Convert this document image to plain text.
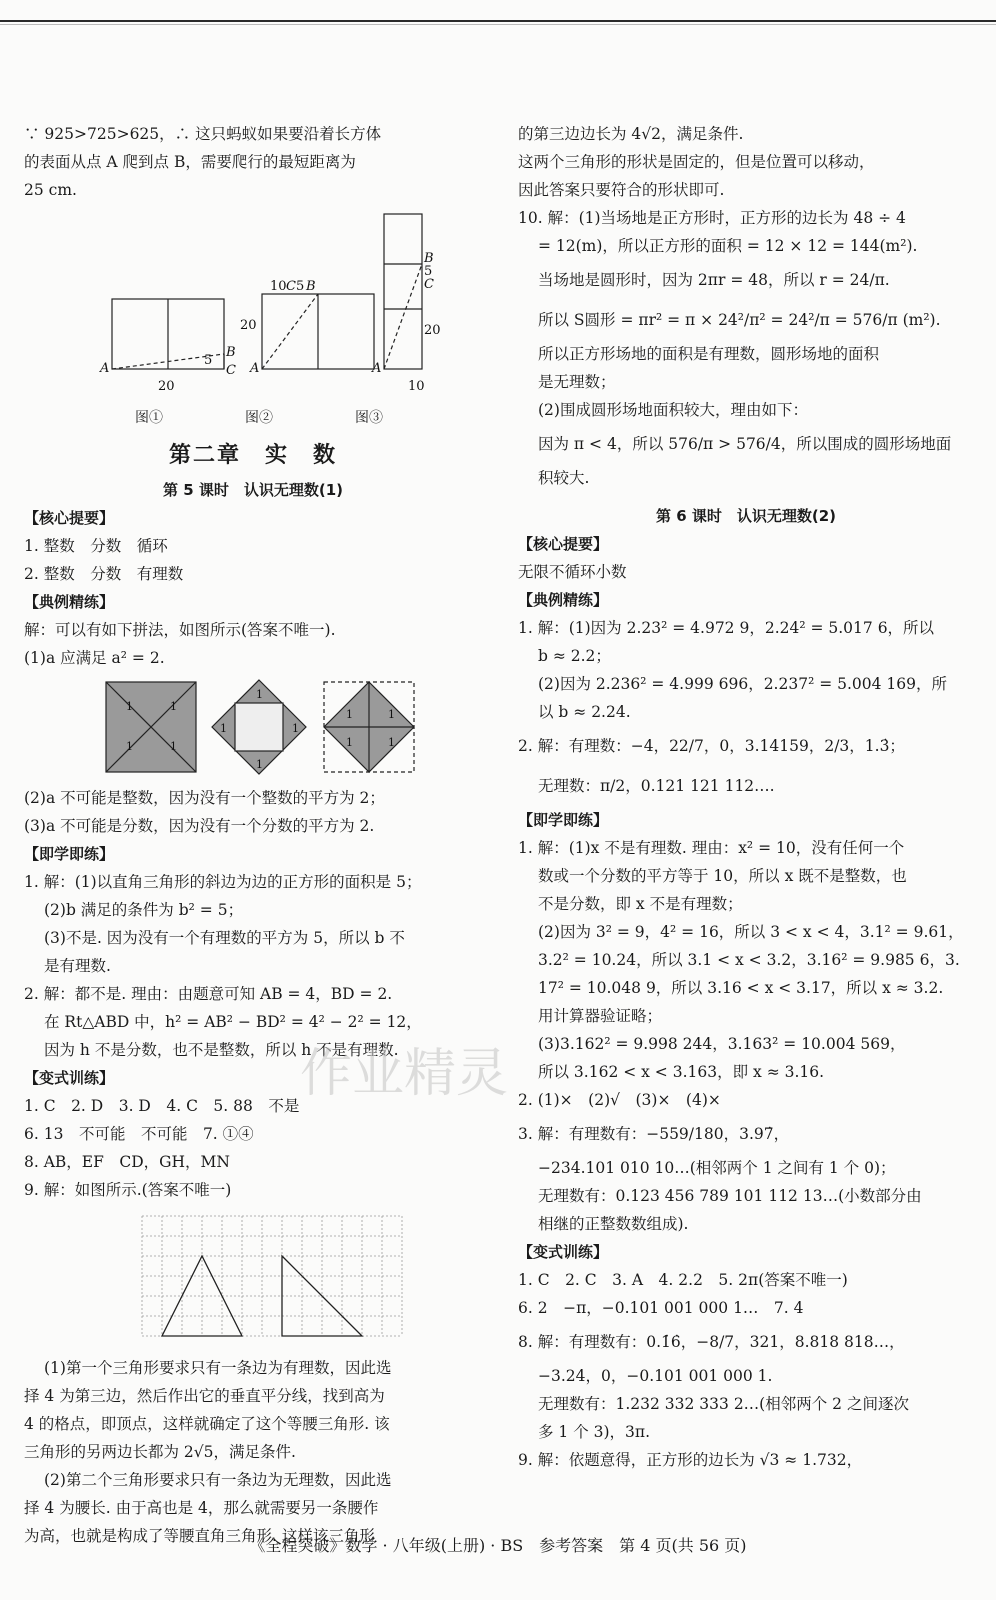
∵ 925>725>625，∴ 这只蚂蚁如果要沿着长方体

的表面从点 A 爬到点 B，需要爬行的最短距离为

25 cm.

A
20
5
B
C
10 C 5 B
20
A
10
B
5
C
20
A
图①	图②	图③
第二章　实　数
第 5 课时　认识无理数(1)

【核心提要】

1. 整数　分数　循环

2. 整数　分数　有理数

【典例精练】

解：可以有如下拼法，如图所示(答案不唯一).

(1)a 应满足 a² = 2.

1	1
1	1
1
1
1	1
1	1
1	1

(2)a 不可能是整数，因为没有一个整数的平方为 2；

(3)a 不可能是分数，因为没有一个分数的平方为 2.

【即学即练】

1. 解：(1)以直角三角形的斜边为边的正方形的面积是 5；

(2)b 满足的条件为 b² = 5；

(3)不是. 因为没有一个有理数的平方为 5，所以 b 不

是有理数.

2. 解：都不是. 理由：由题意可知 AB = 4，BD = 2.

在 Rt△ABD 中，h² = AB² − BD² = 4² − 2² = 12，

因为 h 不是分数，也不是整数，所以 h 不是有理数.

【变式训练】

1. C　2. D　3. D　4. C　5. 88　不是

6. 13　不可能　不可能　7. ①④

8. AB，EF　CD，GH，MN

9. 解：如图所示.(答案不唯一)

(1)第一个三角形要求只有一条边为有理数，因此选

择 4 为第三边，然后作出它的垂直平分线，找到高为

4 的格点，即顶点，这样就确定了这个等腰三角形. 该

三角形的另两边长都为 2√5，满足条件.

(2)第二个三角形要求只有一条边为无理数，因此选

择 4 为腰长. 由于高也是 4，那么就需要另一条腰作

为高，也就是构成了等腰直角三角形. 这样该三角形

的第三边边长为 4√2，满足条件.

这两个三角形的形状是固定的，但是位置可以移动，

因此答案只要符合的形状即可.

10. 解：(1)当场地是正方形时，正方形的边长为 48 ÷ 4

= 12(m)，所以正方形的面积 = 12 × 12 = 144(m²).

当场地是圆形时，因为 2πr = 48，所以 r = 24/π.

所以 S圆形 = πr² = π × 24²/π² = 24²/π = 576/π (m²).

所以正方形场地的面积是有理数，圆形场地的面积

是无理数；

(2)围成圆形场地面积较大，理由如下：

因为 π < 4，所以 576/π > 576/4，所以围成的圆形场地面

积较大.

第 6 课时　认识无理数(2)

【核心提要】

无限不循环小数

【典例精练】

1. 解：(1)因为 2.23² = 4.972 9，2.24² = 5.017 6，所以

b ≈ 2.2；

(2)因为 2.236² = 4.999 696，2.237² = 5.004 169，所

以 b ≈ 2.24.

2. 解：有理数：−4，22/7，0，3.14159，2/3，1.3̇；

无理数：π/2，0.121 121 112….

【即学即练】

1. 解：(1)x 不是有理数. 理由：x² = 10，没有任何一个

数或一个分数的平方等于 10，所以 x 既不是整数，也

不是分数，即 x 不是有理数；

(2)因为 3² = 9，4² = 16，所以 3 < x < 4，3.1² = 9.61，

3.2² = 10.24，所以 3.1 < x < 3.2，3.16² = 9.985 6，3.

17² = 10.048 9，所以 3.16 < x < 3.17，所以 x ≈ 3.2.

用计算器验证略；

(3)3.162² = 9.998 244，3.163² = 10.004 569，

所以 3.162 < x < 3.163，即 x ≈ 3.16.

2. (1)×　(2)√　(3)×　(4)×

3. 解：有理数有：−559/180，3.97̇，

−234.101 010 10…(相邻两个 1 之间有 1 个 0)；

无理数有：0.123 456 789 101 112 13…(小数部分由

相继的正整数数组成).

【变式训练】

1. C　2. C　3. A　4. 2.2　5. 2π(答案不唯一)

6. 2　−π，−0.101 001 000 1…　7. 4

8. 解：有理数有：0.1̇6̇，−8/7，321，8.818 818…，

−3.24，0，−0.101 001 000 1.

无理数有：1.232 332 333 2…(相邻两个 2 之间逐次

多 1 个 3)，3π.

9. 解：依题意得，正方形的边长为 √3 ≈ 1.732，

作业精灵
《全程突破》数学 · 八年级(上册) · BS　参考答案　第 4 页(共 56 页)
